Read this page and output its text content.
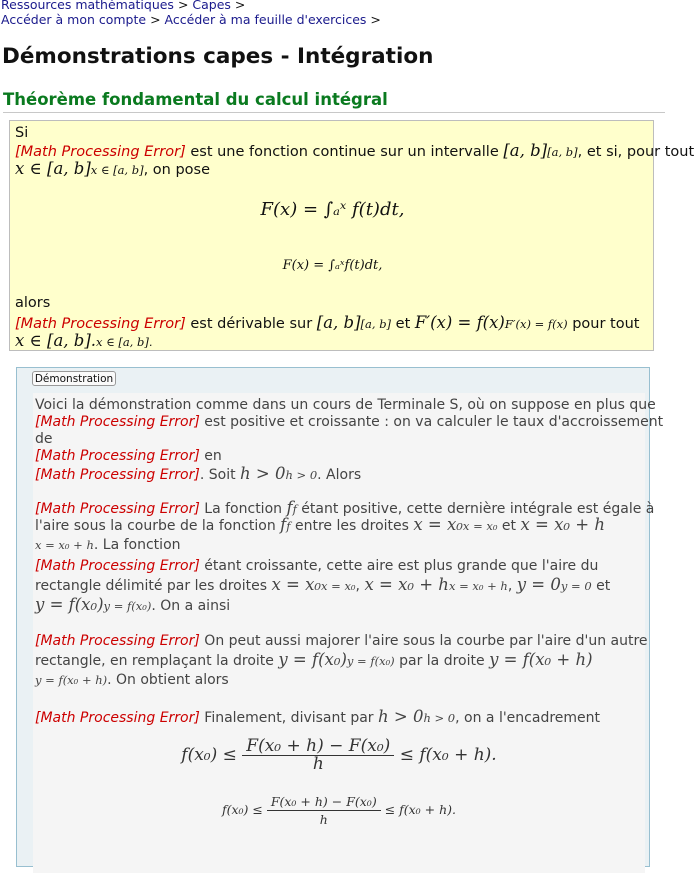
Ressources mathématiques > Capes >
Accéder à mon compte > Accéder à ma feuille d'exercices >
Démonstrations capes - Intégration
Théorème fondamental du calcul intégral
Si
[Math Processing Error] est une fonction continue sur un intervalle [a, b][a, b], et si, pour tout
x ∈ [a, b]x ∈ [a, b], on pose
F(x) = ∫ₐˣ f(t)dt,
F(x) = ∫ₐˣf(t)dt,
alors
[Math Processing Error] est dérivable sur [a, b][a, b] et F′(x) = f(x)F′(x) = f(x) pour tout
x ∈ [a, b].x ∈ [a, b].
Démonstration
Voici la démonstration comme dans un cours de Terminale S, où on suppose en plus que
[Math Processing Error] est positive et croissante : on va calculer le taux d'accroissement
de
[Math Processing Error] en
[Math Processing Error]. Soit h > 0h > 0. Alors
[Math Processing Error] La fonction ff étant positive, cette dernière intégrale est égale à
l'aire sous la courbe de la fonction ff entre les droites x = x₀x = x₀ et x = x₀ + h
x = x₀ + h. La fonction
[Math Processing Error] étant croissante, cette aire est plus grande que l'aire du
rectangle délimité par les droites x = x₀x = x₀, x = x₀ + hx = x₀ + h, y = 0y = 0 et
y = f(x₀)y = f(x₀). On a ainsi
[Math Processing Error] On peut aussi majorer l'aire sous la courbe par l'aire d'un autre
rectangle, en remplaçant la droite y = f(x₀)y = f(x₀) par la droite y = f(x₀ + h)
y = f(x₀ + h). On obtient alors
[Math Processing Error] Finalement, divisant par h > 0h > 0, on a l'encadrement
$f(x_0) \le \frac{\text{F(x₀ + h) − F(x₀)}}{h} \le f(x_0 + h)$.
$f(x_0) \le \frac{\text{F(x₀ + h) − F(x₀)}}{h} \le f(x_0 + h)$.
